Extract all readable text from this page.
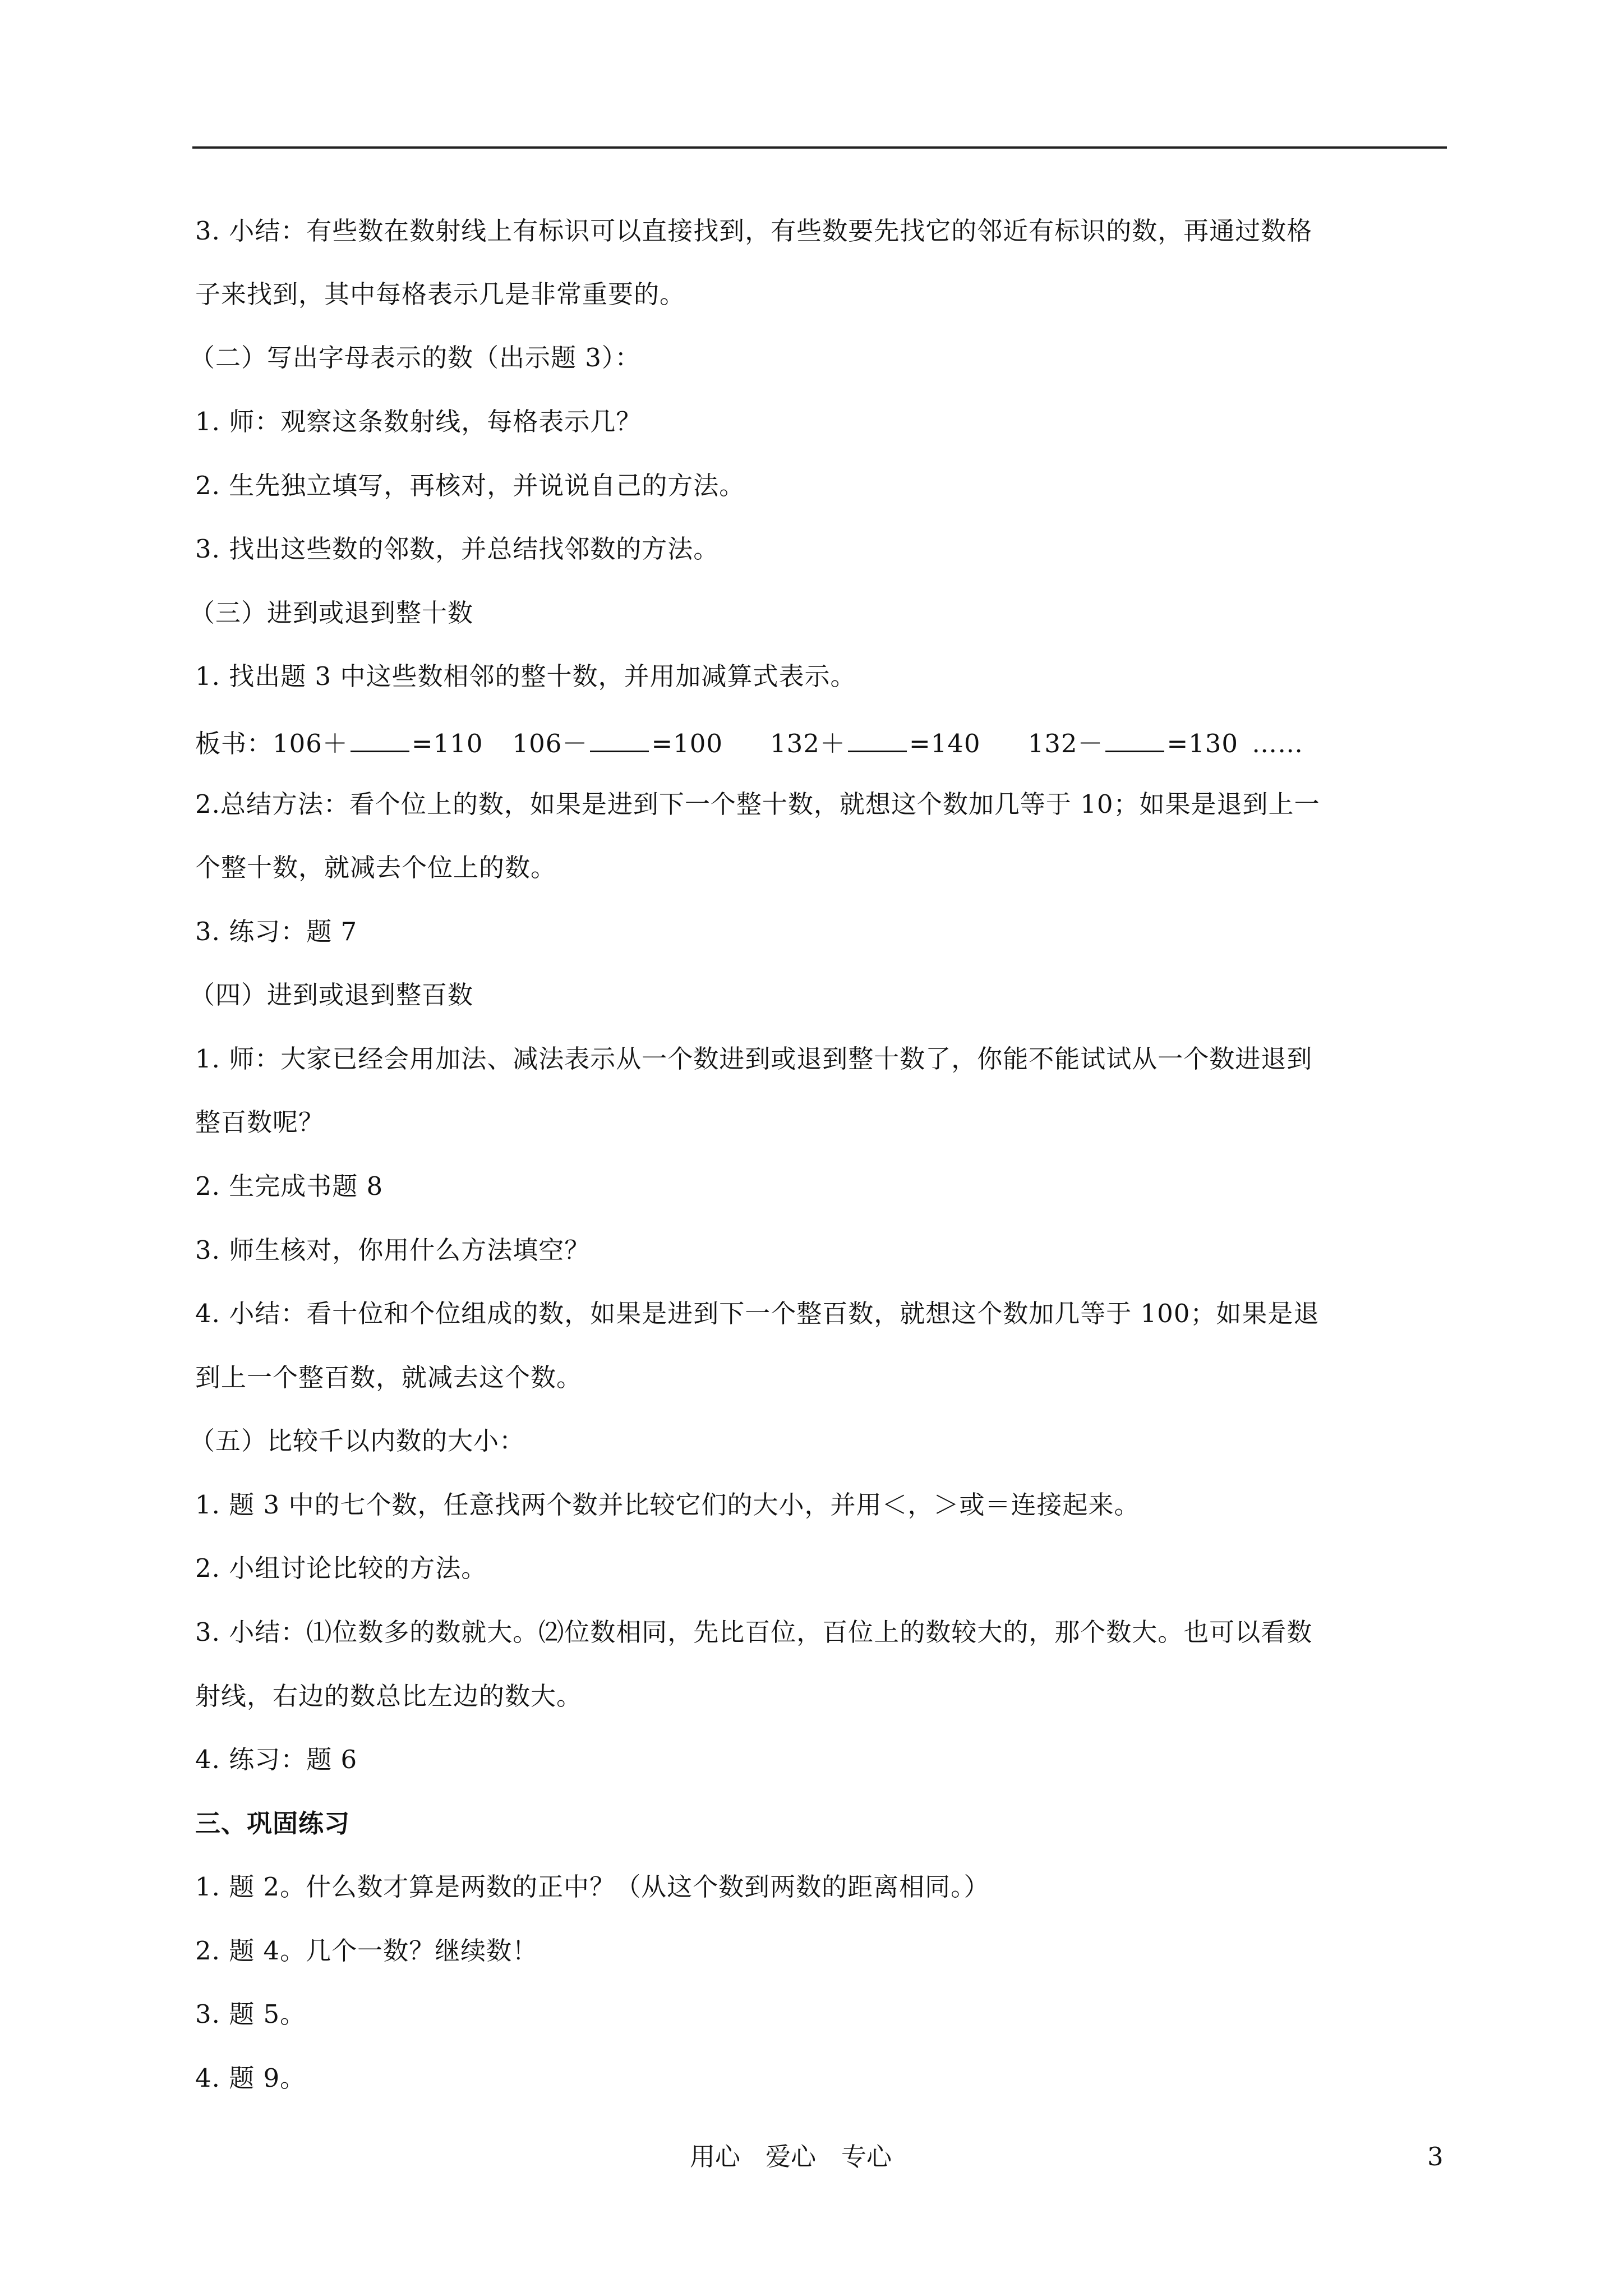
3. 小结：有些数在数射线上有标识可以直接找到，有些数要先找它的邻近有标识的数，再通过数格
子来找到，其中每格表示几是非常重要的。
（二）写出字母表示的数（出示题 3）：
1. 师：观察这条数射线，每格表示几？
2. 生先独立填写，再核对，并说说自己的方法。
3. 找出这些数的邻数，并总结找邻数的方法。
（三）进到或退到整十数
1. 找出题 3 中这些数相邻的整十数，并用加减算式表示。
板书：106＋	=110 106－	=100 132＋	=140 132－	=130 ……
2.总结方法：看个位上的数，如果是进到下一个整十数，就想这个数加几等于 10；如果是退到上一
个整十数，就减去个位上的数。
3. 练习：题 7
（四）进到或退到整百数
1. 师：大家已经会用加法、减法表示从一个数进到或退到整十数了，你能不能试试从一个数进退到
整百数呢？
2. 生完成书题 8
3. 师生核对，你用什么方法填空？
4. 小结：看十位和个位组成的数，如果是进到下一个整百数，就想这个数加几等于 100；如果是退
到上一个整百数，就减去这个数。
（五）比较千以内数的大小：
1. 题 3 中的七个数，任意找两个数并比较它们的大小，并用＜，＞或＝连接起来。
2. 小组讨论比较的方法。
3. 小结：⑴位数多的数就大。⑵位数相同，先比百位，百位上的数较大的，那个数大。也可以看数
射线，右边的数总比左边的数大。
4. 练习：题 6
三、巩固练习
1. 题 2。什么数才算是两数的正中？（从这个数到两数的距离相同。）
2. 题 4。几个一数？继续数！
3. 题 5。
4. 题 9。
用心　爱心　专心	3
